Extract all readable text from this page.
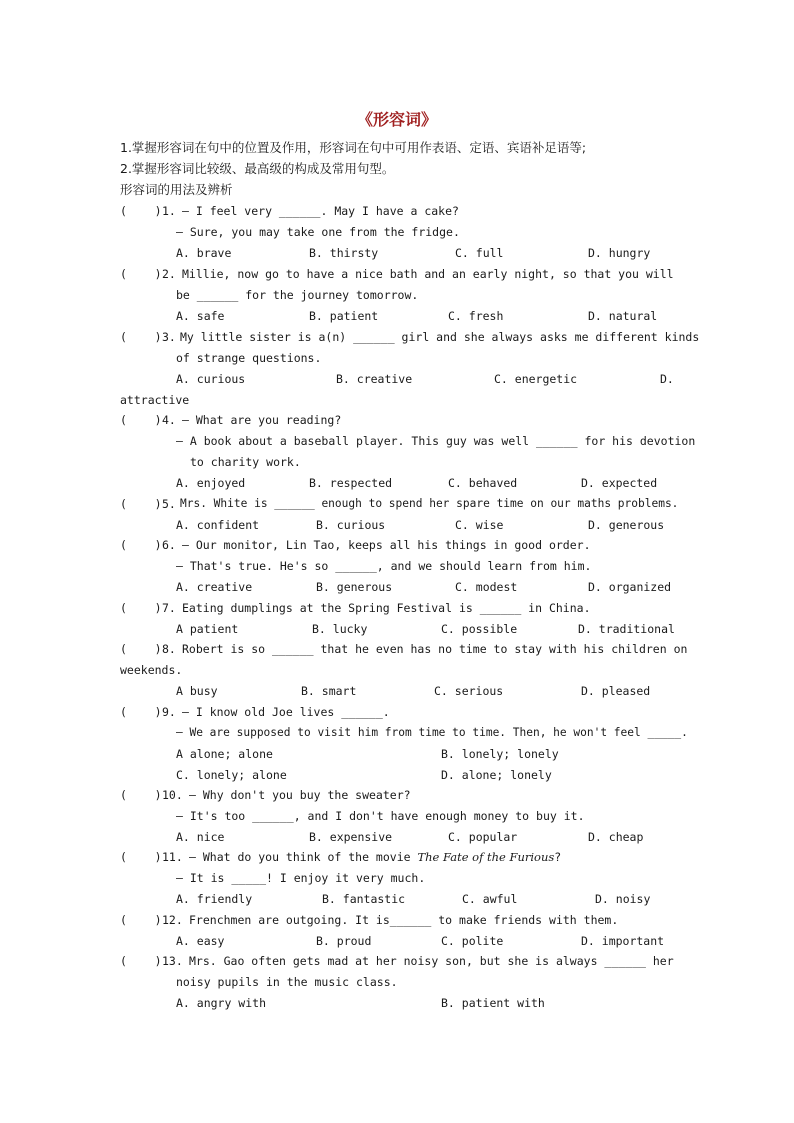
《形容词》
1.掌握形容词在句中的位置及作用，形容词在句中可用作表语、定语、宾语补足语等;
2.掌握形容词比较级、最高级的构成及常用句型。
形容词的用法及辨析
(    ) 1. — I feel very ______. May I have a cake?
— Sure, you may take one from the fridge.
A. brave	B. thirsty	C. full	D. hungry
(    ) 2. Millie, now go to have a nice bath and an early night, so that you will
be ______ for the journey tomorrow.
A. safe	B. patient	C. fresh	D. natural
(    ) 3. My little sister is a(n) ______ girl and she always asks me different kinds
of strange questions.
A. curious	B. creative	C. energetic	D.
attractive
(    ) 4. — What are you reading?
— A book about a baseball player. This guy was well ______ for his devotion
to charity work.
A. enjoyed	B. respected	C. behaved	D. expected
(    ) 5. Mrs. White is ______ enough to spend her spare time on our maths problems.
A. confident	B. curious	C. wise	D. generous
(    ) 6. — Our monitor, Lin Tao, keeps all his things in good order.
— That's true. He's so ______, and we should learn from him.
A. creative	B. generous	C. modest	D. organized
(    ) 7. Eating dumplings at the Spring Festival is ______ in China.
A patient	B. lucky	C. possible	D. traditional
(    ) 8. Robert is so ______ that he even has no time to stay with his children on
weekends.
A busy	B. smart	C. serious	D. pleased
(    ) 9. — I know old Joe lives ______.
— We are supposed to visit him from time to time. Then, he won't feel _____.
A alone; alone	B. lonely; lonely
C. lonely; alone	D. alone; lonely
(    ) 10. — Why don't you buy the sweater?
— It's too ______, and I don't have enough money to buy it.
A. nice	B. expensive	C. popular	D. cheap
(    ) 11. — What do you think of the movie The Fate of the Furious?
— It is _____! I enjoy it very much.
A. friendly	B. fantastic	C. awful	D. noisy
(    ) 12. Frenchmen are outgoing. It is______ to make friends with them.
A. easy	B. proud	C. polite	D. important
(    ) 13. Mrs. Gao often gets mad at her noisy son, but she is always ______ her
noisy pupils in the music class.
A. angry with	B. patient with
